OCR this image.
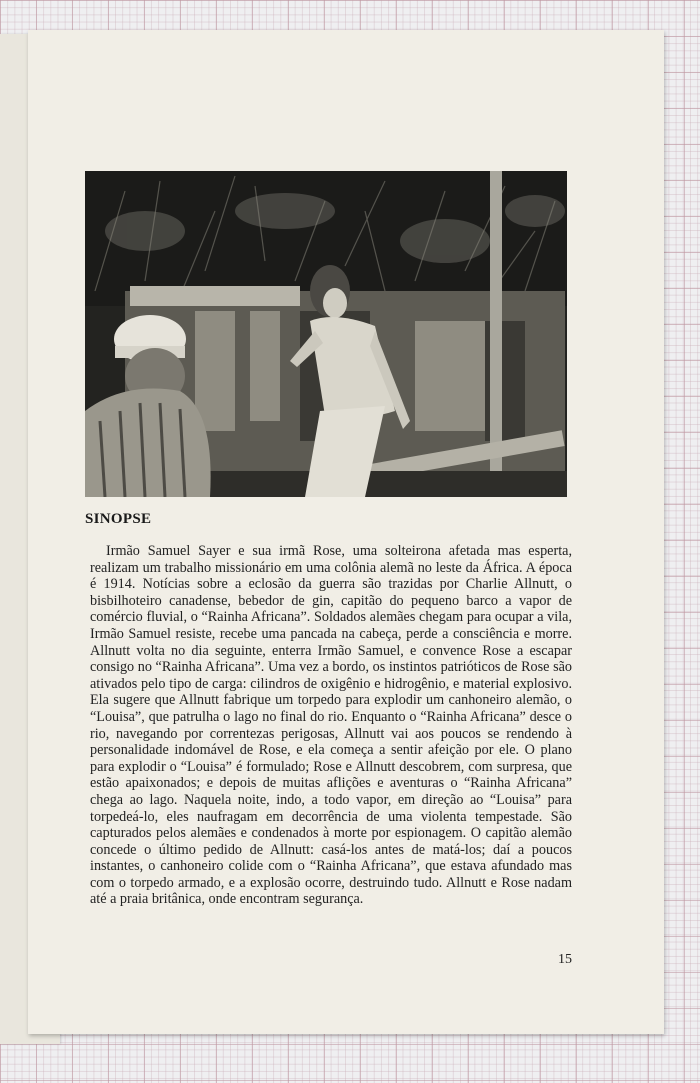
SINOPSE

Irmão Samuel Sayer e sua irmã Rose, uma solteirona afetada mas esperta, realizam um trabalho missionário em uma colônia alemã no leste da África. A época é 1914. Notícias sobre a eclosão da guerra são trazidas por Charlie Allnutt, o bisbilhoteiro canadense, bebedor de gin, capitão do pequeno barco a vapor de comércio fluvial, o “Rainha Africana”. Soldados alemães chegam para ocupar a vila, Irmão Samuel resiste, recebe uma pancada na cabeça, perde a consciência e morre. Allnutt volta no dia seguinte, enterra Irmão Samuel, e convence Rose a escapar consigo no “Rainha Africana”. Uma vez a bordo, os instintos patrióticos de Rose são ativados pelo tipo de carga: cilindros de oxigênio e hidrogênio, e material explosivo. Ela sugere que Allnutt fabrique um torpedo para explodir um canhoneiro alemão, o “Louisa”, que patrulha o lago no final do rio. Enquanto o “Rainha Africana” desce o rio, navegando por correntezas perigosas, Allnutt vai aos poucos se rendendo à personalidade indomável de Rose, e ela começa a sentir afeição por ele. O plano para explodir o “Louisa” é formulado; Rose e Allnutt descobrem, com surpresa, que estão apaixonados; e depois de muitas aflições e aventuras o “Rainha Africana” chega ao lago. Naquela noite, indo, a todo vapor, em direção ao “Louisa” para torpedeá-lo, eles naufragam em decorrência de uma violenta tempestade. São capturados pelos alemães e condenados à morte por espionagem. O capitão alemão concede o último pedido de Allnutt: casá-los antes de matá-los; daí a poucos instantes, o canhoneiro colide com o “Rainha Africana”, que estava afundado mas com o torpedo armado, e a explosão ocorre, destruindo tudo. Allnutt e Rose nadam até a praia britânica, onde encontram segurança.

15
